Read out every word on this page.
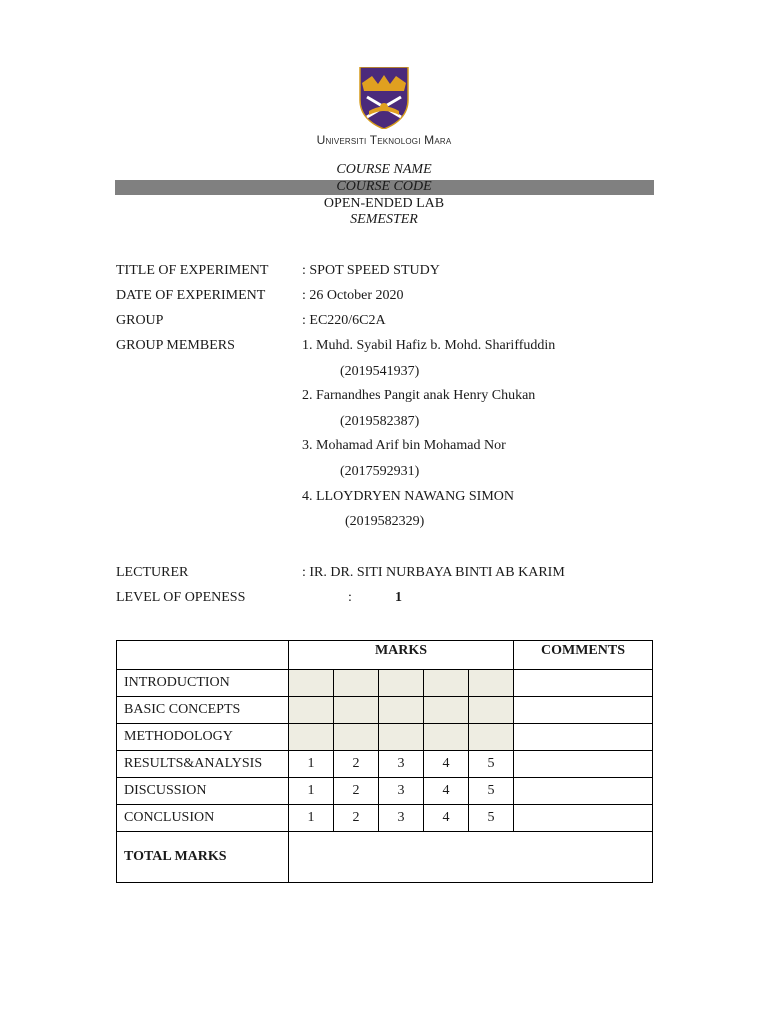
Universiti Teknologi Mara
COURSE NAME
COURSE CODE
OPEN-ENDED LAB
SEMESTER
TITLE OF EXPERIMENT : SPOT SPEED STUDY
DATE OF EXPERIMENT	: 26 October 2020
GROUP	: EC220/6C2A
GROUP MEMBERS	1. Muhd. Syabil Hafiz b. Mohd. Shariffuddin
(2019541937)
2. Farnandhes Pangit anak Henry Chukan
(2019582387)
3. Mohamad Arif bin Mohamad Nor
(2017592931)
4. LLOYDRYEN NAWANG SIMON
(2019582329)
LECTURER	: IR. DR. SITI NURBAYA BINTI AB KARIM
LEVEL OF OPENESS	:	1
	MARKS					COMMENTS
INTRODUCTION						
BASIC CONCEPTS						
METHODOLOGY						
RESULTS&ANALYSIS	1	2	3	4	5	
DISCUSSION	1	2	3	4	5	
CONCLUSION	1	2	3	4	5	
TOTAL MARKS						
